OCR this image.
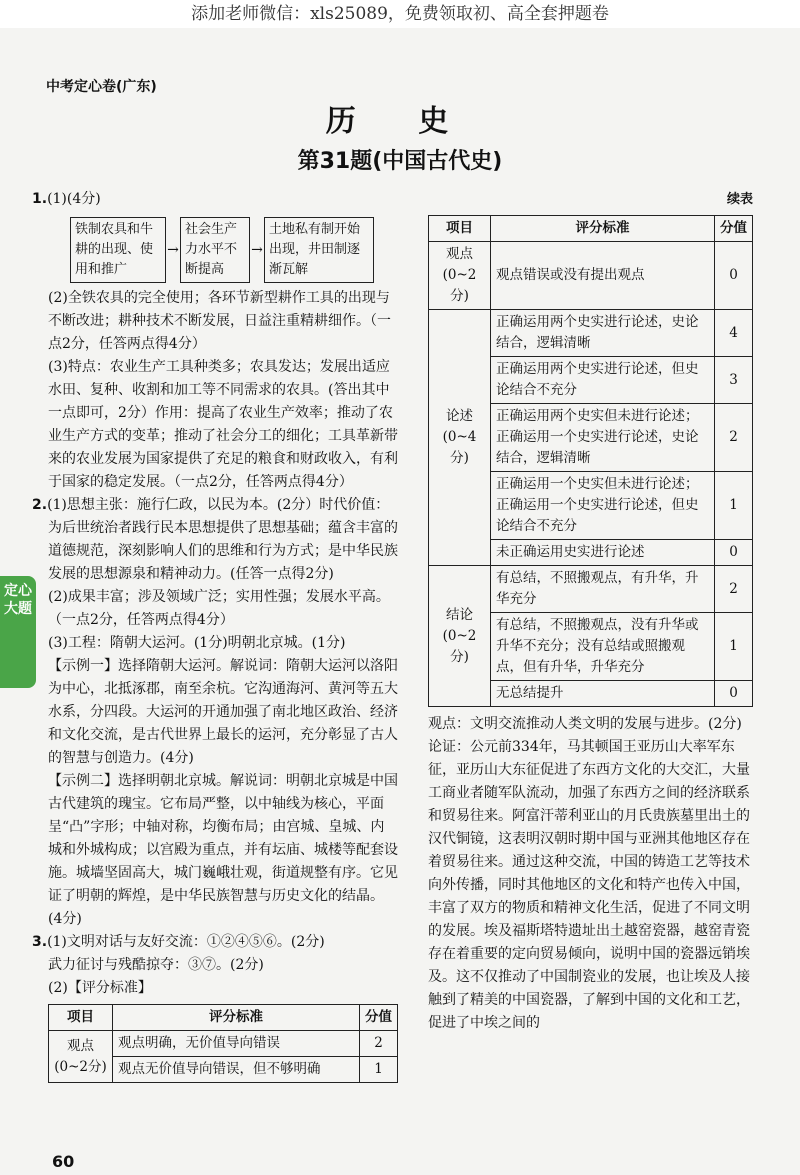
添加老师微信：xls25089，免费领取初、高全套押题卷
中考定心卷(广东)
历 史
第31题(中国古代史)
1.(1)(4分)
铁制农具和牛耕的出现、使用和推广
→
社会生产力水平不断提高
→
土地私有制开始出现，井田制逐渐瓦解

(2)全铁农具的完全使用；各环节新型耕作工具的出现与不断改进；耕种技术不断发展，日益注重精耕细作。（一点2分，任答两点得4分）

(3)特点：农业生产工具种类多；农具发达；发展出适应水田、复种、收割和加工等不同需求的农具。(答出其中一点即可，2分）作用：提高了农业生产效率；推动了农业生产方式的变革；推动了社会分工的细化；工具革新带来的农业发展为国家提供了充足的粮食和财政收入，有利于国家的稳定发展。（一点2分，任答两点得4分）

2.(1)思想主张：施行仁政，以民为本。(2分）时代价值：为后世统治者践行民本思想提供了思想基础；蕴含丰富的道德规范，深刻影响人们的思维和行为方式；是中华民族发展的思想源泉和精神动力。(任答一点得2分)

(2)成果丰富；涉及领域广泛；实用性强；发展水平高。（一点2分，任答两点得4分）

(3)工程：隋朝大运河。(1分)明朝北京城。(1分)

【示例一】选择隋朝大运河。解说词：隋朝大运河以洛阳为中心，北抵涿郡，南至余杭。它沟通海河、黄河等五大水系，分四段。大运河的开通加强了南北地区政治、经济和文化交流，是古代世界上最长的运河，充分彰显了古人的智慧与创造力。(4分)

【示例二】选择明朝北京城。解说词：明朝北京城是中国古代建筑的瑰宝。它布局严整，以中轴线为核心，平面呈“凸”字形；中轴对称，均衡布局；由宫城、皇城、内城和外城构成；以宫殿为重点，并有坛庙、城楼等配套设施。城墙坚固高大，城门巍峨壮观，街道规整有序。它见证了明朝的辉煌，是中华民族智慧与历史文化的结晶。(4分)

3.(1)文明对话与友好交流：①②④⑤⑥。(2分)

武力征讨与残酷掠夺：③⑦。(2分)

(2)【评分标准】

项目	评分标准	分值
观点(0~2分)	观点明确，无价值导向错误	2
	观点无价值导向错误，但不够明确	1
定心大题
续表
项目	评分标准	分值
观点(0~2分)	观点错误或没有提出观点	0
论述(0~4分)	正确运用两个史实进行论述，史论结合，逻辑清晰	4
	正确运用两个史实进行论述，但史论结合不充分	3
	正确运用两个史实但未进行论述；正确运用一个史实进行论述，史论结合，逻辑清晰	2
	正确运用一个史实但未进行论述；正确运用一个史实进行论述，但史论结合不充分	1
	未正确运用史实进行论述	0
结论(0~2分)	有总结，不照搬观点，有升华，升华充分	2
	有总结，不照搬观点，没有升华或升华不充分；没有总结或照搬观点，但有升华，升华充分	1
	无总结提升	0

观点：文明交流推动人类文明的发展与进步。(2分)

论证：公元前334年，马其顿国王亚历山大率军东征，亚历山大东征促进了东西方文化的大交汇，大量工商业者随军队流动，加强了东西方之间的经济联系和贸易往来。阿富汗蒂利亚山的月氏贵族墓里出土的汉代铜镜，这表明汉朝时期中国与亚洲其他地区存在着贸易往来。通过这种交流，中国的铸造工艺等技术向外传播，同时其他地区的文化和特产也传入中国，丰富了双方的物质和精神文化生活，促进了不同文明的发展。埃及福斯塔特遗址出土越窑瓷器，越窑青瓷存在着重要的定向贸易倾向，说明中国的瓷器远销埃及。这不仅推动了中国制瓷业的发展，也让埃及人接触到了精美的中国瓷器，了解到中国的文化和工艺，促进了中埃之间的

60
